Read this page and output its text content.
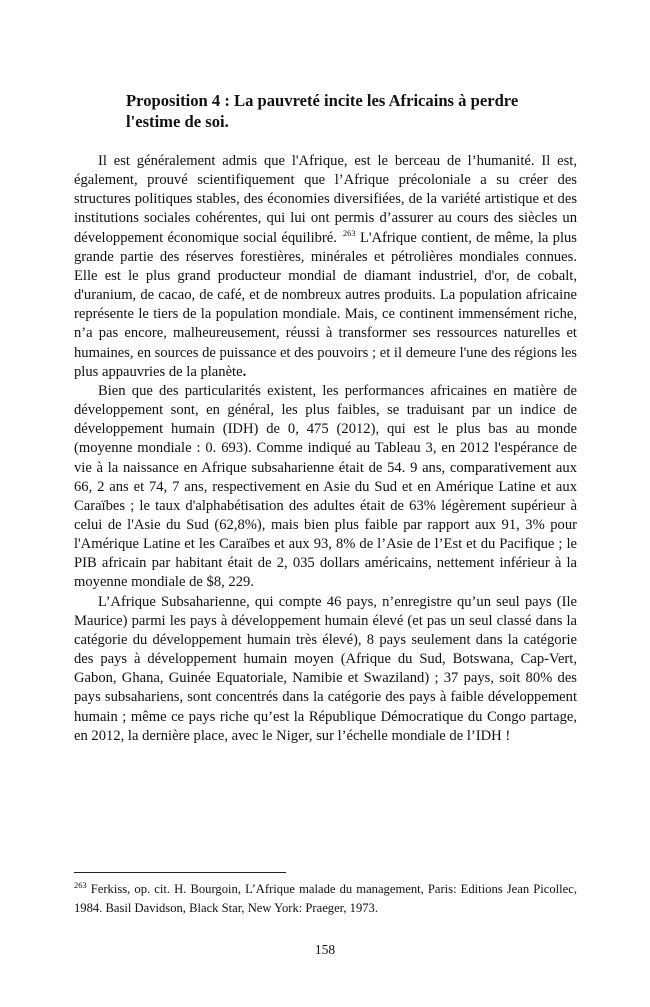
Proposition 4 : La pauvreté incite les Africains à perdre
l'estime de soi.

Il est généralement admis que l'Afrique, est le berceau de l’humanité. Il est, également, prouvé scientifiquement que l’Afrique précoloniale a su créer des structures politiques stables, des économies diversifiées, de la variété artistique et des institutions sociales cohérentes, qui lui ont permis d’assurer au cours des siècles un développement économique social équilibré. $^{263}$ L'Afrique contient, de même, la plus grande partie des réserves forestières, minérales et pétrolières mondiales connues. Elle est le plus grand producteur mondial de diamant industriel, d'or, de cobalt, d'uranium, de cacao, de café, et de nombreux autres produits. La population africaine représente le tiers de la population mondiale. Mais, ce continent immensément riche, n’a pas encore, malheureusement, réussi à transformer ses ressources naturelles et humaines, en sources de puissance et des pouvoirs ; et il demeure l'une des régions les plus appauvries de la planète.

Bien que des particularités existent, les performances africaines en matière de développement sont, en général, les plus faibles, se traduisant par un indice de développement humain (IDH) de 0, 475 (2012), qui est le plus bas au monde (moyenne mondiale : 0. 693). Comme indiqué au Tableau 3, en 2012 l'espérance de vie à la naissance en Afrique subsaharienne était de 54. 9 ans, comparativement aux 66, 2 ans et 74, 7 ans, respectivement en Asie du Sud et en Amérique Latine et aux Caraïbes ; le taux d'alphabétisation des adultes était de 63% légèrement supérieur à celui de l'Asie du Sud (62,8%), mais bien plus faible par rapport aux 91, 3% pour l'Amérique Latine et les Caraïbes et aux 93, 8% de l’Asie de l’Est et du Pacifique ; le PIB africain par habitant était de 2, 035 dollars américains, nettement inférieur à la moyenne mondiale de $8, 229.

L’Afrique Subsaharienne, qui compte 46 pays, n’enregistre qu’un seul pays (Ile Maurice) parmi les pays à développement humain élevé (et pas un seul classé dans la catégorie du développement humain très élevé), 8 pays seulement dans la catégorie des pays à développement humain moyen (Afrique du Sud, Botswana, Cap-Vert, Gabon, Ghana, Guinée Equatoriale, Namibie et Swaziland) ; 37 pays, soit 80% des pays subsahariens, sont concentrés dans la catégorie des pays à faible développement humain ; même ce pays riche qu’est la République Démocratique du Congo partage, en 2012, la dernière place, avec le Niger, sur l’échelle mondiale de l’IDH !

$^{263}$ Ferkiss, op. cit. H. Bourgoin, L’Afrique malade du management, Paris: Editions Jean Picollec, 1984. Basil Davidson, Black Star, New York: Praeger, 1973.
158
